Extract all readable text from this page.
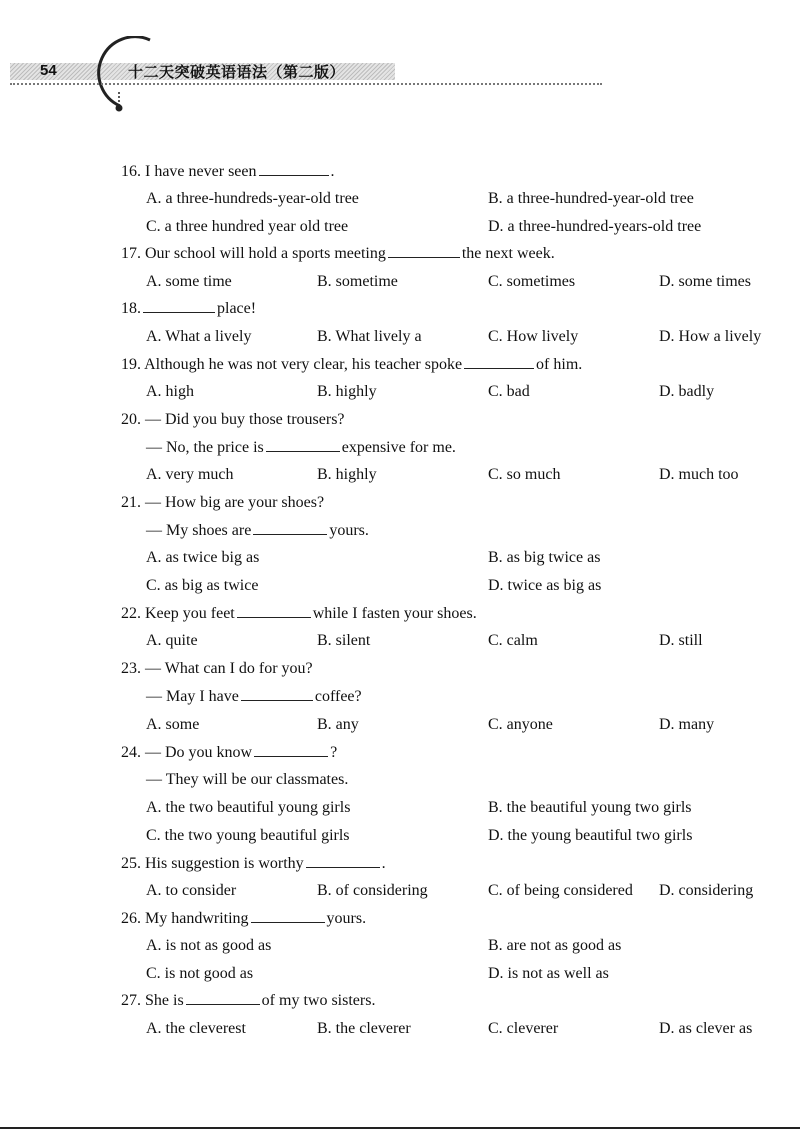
54	十二天突破英语语法（第二版）
16. I have never seen	.
A. a three-hundreds-year-old tree	B. a three-hundred-year-old tree
C. a three hundred year old tree	D. a three-hundred-years-old tree
17. Our school will hold a sports meeting	the next week.
A. some time	B. sometime	C. sometimes	D. some times
18.	place!
A. What a lively	B. What lively a	C. How lively	D. How a lively
19. Although he was not very clear, his teacher spoke	of him.
A. high	B. highly	C. bad	D. badly
20. — Did you buy those trousers?
— No, the price is	expensive for me.
A. very much	B. highly	C. so much	D. much too
21. — How big are your shoes?
— My shoes are	yours.
A. as twice big as	B. as big twice as
C. as big as twice	D. twice as big as
22. Keep you feet	while I fasten your shoes.
A. quite	B. silent	C. calm	D. still
23. — What can I do for you?
— May I have	coffee?
A. some	B. any	C. anyone	D. many
24. — Do you know	?
— They will be our classmates.
A. the two beautiful young girls	B. the beautiful young two girls
C. the two young beautiful girls	D. the young beautiful two girls
25. His suggestion is worthy	.
A. to consider	B. of considering	C. of being considered D. considering
26. My handwriting	yours.
A. is not as good as	B. are not as good as
C. is not good as	D. is not as well as
27. She is	of my two sisters.
A. the cleverest	B. the cleverer	C. cleverer	D. as clever as
